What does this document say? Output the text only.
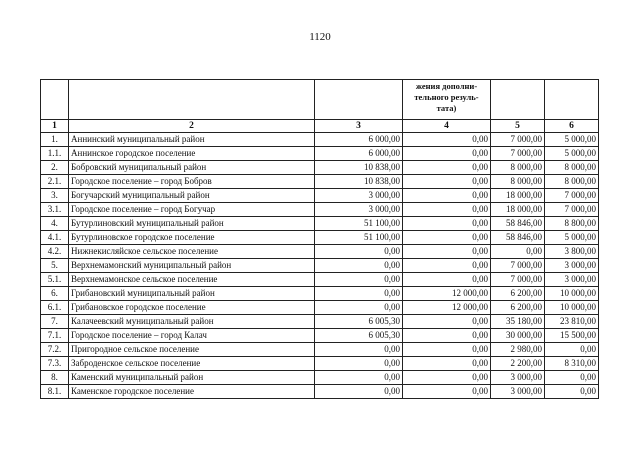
1120
			жения дополни-тельного резуль-тата)		
1	2	3	4	5	6
1.	Аннинский муниципальный район	6 000,00	0,00	7 000,00	5 000,00
1.1.	Аннинское городское поселение	6 000,00	0,00	7 000,00	5 000,00
2.	Бобровский муниципальный район	10 838,00	0,00	8 000,00	8 000,00
2.1.	Городское поселение – город Бобров	10 838,00	0,00	8 000,00	8 000,00
3.	Богучарский муниципальный район	3 000,00	0,00	18 000,00	7 000,00
3.1.	Городское поселение – город Богучар	3 000,00	0,00	18 000,00	7 000,00
4.	Бутурлиновский муниципальный район	51 100,00	0,00	58 846,00	8 800,00
4.1.	Бутурлиновское городское поселение	51 100,00	0,00	58 846,00	5 000,00
4.2.	Нижнекисляйское сельское поселение	0,00	0,00	0,00	3 800,00
5.	Верхнемамонский муниципальный район	0,00	0,00	7 000,00	3 000,00
5.1.	Верхнемамонское сельское поселение	0,00	0,00	7 000,00	3 000,00
6.	Грибановский муниципальный район	0,00	12 000,00	6 200,00	10 000,00
6.1.	Грибановское городское поселение	0,00	12 000,00	6 200,00	10 000,00
7.	Калачеевский муниципальный район	6 005,30	0,00	35 180,00	23 810,00
7.1.	Городское поселение – город Калач	6 005,30	0,00	30 000,00	15 500,00
7.2.	Пригородное сельское поселение	0,00	0,00	2 980,00	0,00
7.3.	Заброденское сельское поселение	0,00	0,00	2 200,00	8 310,00
8.	Каменский муниципальный район	0,00	0,00	3 000,00	0,00
8.1.	Каменское городское поселение	0,00	0,00	3 000,00	0,00
